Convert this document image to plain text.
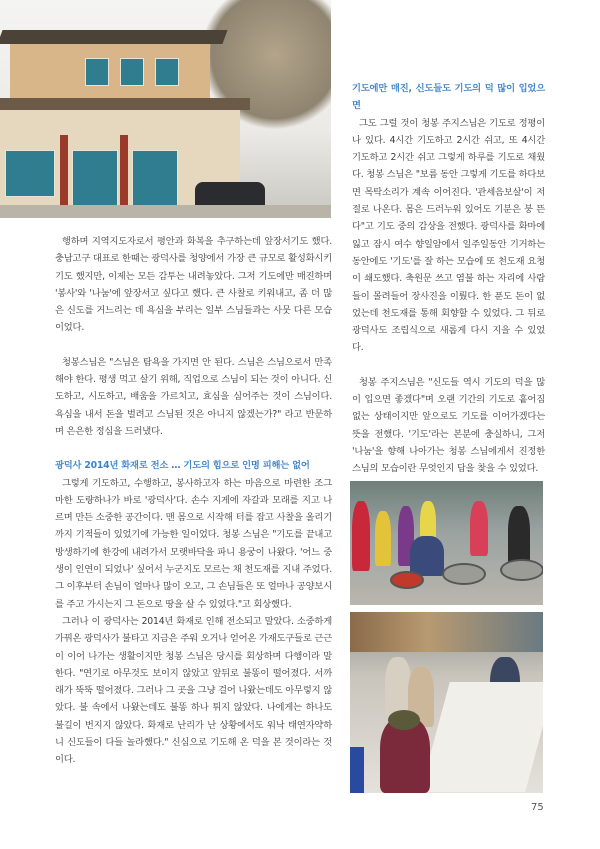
행하며 지역지도자로서 평안과 화복을 추구하는데 앞장서기도 했다. 충남고구 대표로 한때는 광덕사를 청양에서 가장 큰 규모로 활성화시키기도 했지만, 이제는 모든 감투는 내려놓았다. 그저 기도에만 매진하며 '봉사'와 '나눔'에 앞장서고 싶다고 했다. 큰 사찰로 키워내고, 좀 더 많은 신도를 거느리는 데 욕심을 부리는 일부 스님들과는 사뭇 다른 모습이었다.

청봉스님은 "스님은 탐욕을 가지면 안 된다. 스님은 스님으로서 만족해야 한다. 평생 먹고 살기 위해, 직업으로 스님이 되는 것이 아니다. 신도하고, 시도하고, 배움을 가르치고, 효심을 심어주는 것이 스님이다. 욕심을 내서 돈을 벌려고 스님된 것은 아니지 않겠는가?" 라고 반문하며 은은한 정심을 드러냈다.

광덕사 2014년 화재로 전소 … 기도의 힘으로 인명 피해는 없어

그렇게 기도하고, 수행하고, 봉사하고자 하는 마음으로 마련한 조그마한 도량하나가 바로 '광덕사'다. 손수 지게에 자갈과 모래를 지고 나르며 만든 소중한 공간이다. 맨 몸으로 시작해 터를 잡고 사찰을 올리기까지 기적들이 있었기에 가능한 일이었다. 청봉 스님은 "기도를 끝내고 방생하기에 한강에 내려가서 모랫바닥을 파니 용궁이 나왔다. '어느 중생이 인연이 되었나' 싶어서 누군지도 모르는 채 천도재를 지내 주었다. 그 이후부터 손님이 얼마나 많이 오고, 그 손님들은 또 얼마나 공양보시를 주고 가시는지 그 돈으로 땅을 살 수 있었다."고 회상했다.

그러나 이 광덕사는 2014년 화재로 인해 전소되고 말았다. 소중하게 가꿔온 광덕사가 불타고 지금은 주워 오거나 얻어온 가재도구들로 근근이 이어 나가는 생활이지만 청봉 스님은 당시를 회상하며 다행이라 말한다. "연기로 아무것도 보이지 않았고 앞뒤로 불똥이 떨어졌다. 서까래가 뚝뚝 떨어졌다. 그러나 그 곳을 그냥 걸어 나왔는데도 아무렇지 않았다. 불 속에서 나왔는데도 불똥 하나 튀지 않았다. 나에게는 하나도 불길이 번지지 않았다. 화재로 난리가 난 상황에서도 워낙 태연자약하니 신도들이 다들 놀라했다." 신심으로 기도해 온 덕을 본 것이라는 것이다.

기도에만 매진, 신도들도 기도의 덕 많이 입었으면

그도 그럴 것이 청봉 주지스님은 기도로 정평이 나 있다. 4시간 기도하고 2시간 쉬고, 또 4시간 기도하고 2시간 쉬고 그렇게 하루를 기도로 채웠다. 청봉 스님은 "보름 동안 그렇게 기도를 하다보면 목탁소리가 계속 이어진다. '관세음보살'이 저절로 나온다. 몸은 드러누워 있어도 기분은 붕 뜬다"고 기도 중의 감상을 전했다. 광덕사를 화마에 잃고 잠시 여수 향일암에서 일주일동안 기거하는 동안에도 '기도'를 잘 하는 모습에 또 천도재 요청이 쇄도했다. 축원문 쓰고 염불 하는 자리에 사람들이 몰려들어 장사진을 이뤘다. 한 푼도 돈이 없었는데 천도재를 통해 회향할 수 있었다. 그 뒤로 광덕사도 조립식으로 새롭게 다시 지을 수 있었다.

청봉 주지스님은 "신도들 역시 기도의 덕을 많이 입으면 좋겠다"며 오랜 기간의 기도로 흩어짐 없는 상태이지만 앞으로도 기도를 이어가겠다는 뜻을 전했다. '기도'라는 본분에 충실하니, 그저 '나눔'을 향해 나아가는 청봉 스님에게서 진정한 스님의 모습이란 무엇인지 답을 찾을 수 있었다.

75
